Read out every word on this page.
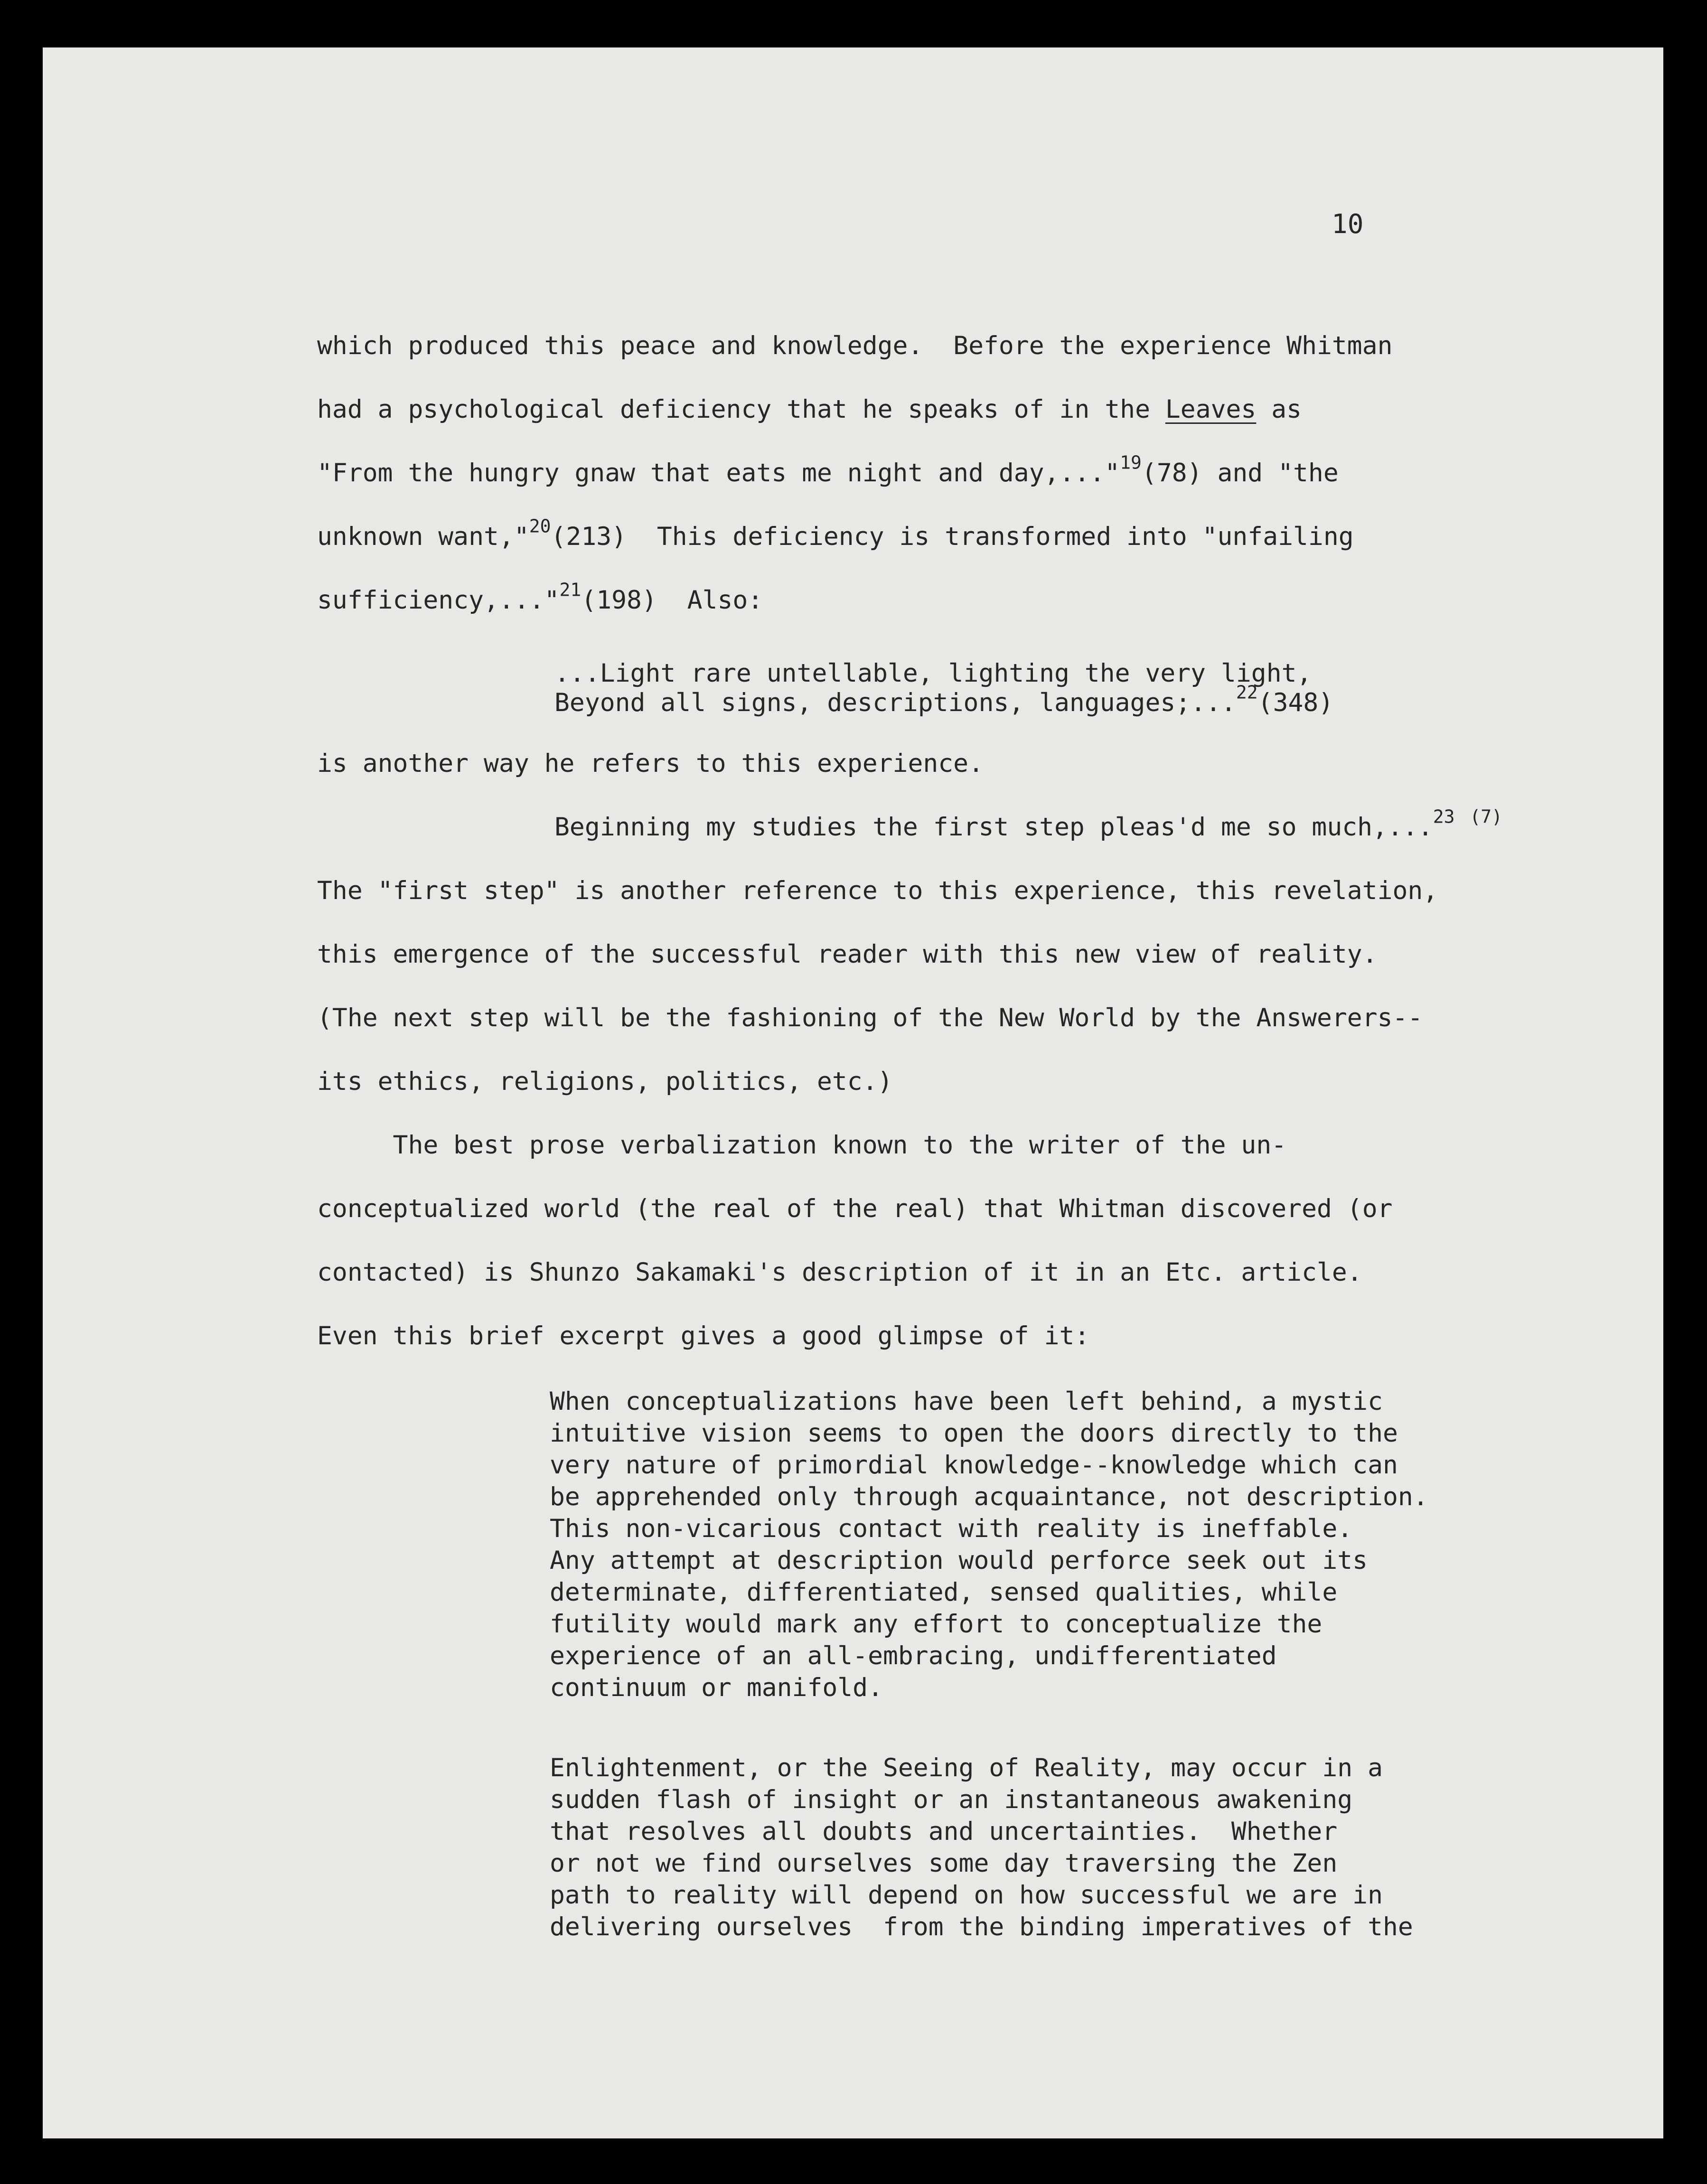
10
which produced this peace and knowledge.  Before the experience Whitman
had a psychological deficiency that he speaks of in the Leaves as
"From the hungry gnaw that eats me night and day,..."$^{19}$(78) and "the
unknown want,"$^{20}$(213)  This deficiency is transformed into "unfailing
sufficiency,..."$^{21}$(198)  Also:
...Light rare untellable, lighting the very light,
Beyond all signs, descriptions, languages;...$^{22}$(348)
is another way he refers to this experience.
Beginning my studies the first step pleas'd me so much,...$^{23}$ $^{(7)}$
The "first step" is another reference to this experience, this revelation,
this emergence of the successful reader with this new view of reality.
(The next step will be the fashioning of the New World by the Answerers--
its ethics, religions, politics, etc.)
The best prose verbalization known to the writer of the un-
conceptualized world (the real of the real) that Whitman discovered (or
contacted) is Shunzo Sakamaki's description of it in an Etc. article.
Even this brief excerpt gives a good glimpse of it:
When conceptualizations have been left behind, a mystic
intuitive vision seems to open the doors directly to the
very nature of primordial knowledge--knowledge which can
be apprehended only through acquaintance, not description.
This non-vicarious contact with reality is ineffable.
Any attempt at description would perforce seek out its
determinate, differentiated, sensed qualities, while
futility would mark any effort to conceptualize the
experience of an all-embracing, undifferentiated
continuum or manifold.
Enlightenment, or the Seeing of Reality, may occur in a
sudden flash of insight or an instantaneous awakening
that resolves all doubts and uncertainties.  Whether
or not we find ourselves some day traversing the Zen
path to reality will depend on how successful we are in
delivering ourselves  from the binding imperatives of the
